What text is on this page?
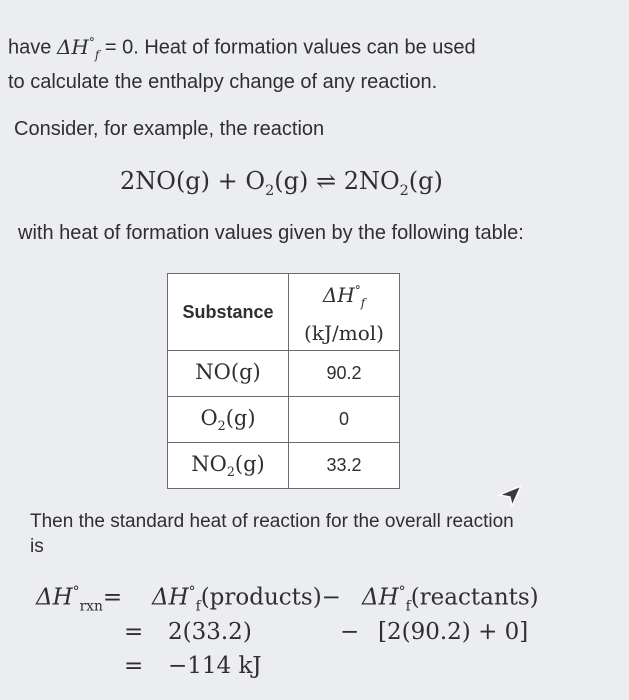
have $\Delta H^\circ_f = 0$. Heat of formation values can be used
to calculate the enthalpy change of any reaction.
Consider, for example, the reaction
$2NO(g) + O_2(g)$ ⇌ $2NO_2(g)$
with heat of formation values given by the following table:
Substance	$\Delta H^\circ_f$
(kJ/mol)
NO(g)	90.2
$O_2(g)$	0
$NO_2(g)$	33.2
Then the standard heat of reaction for the overall reaction is
$\Delta H^\circ_{rxn}=$ $\Delta H^\circ_f(products)-$ $\Delta H^\circ_f(reactants)$
= 2(33.2)	− [2(90.2) + 0]
= −114 kJ
